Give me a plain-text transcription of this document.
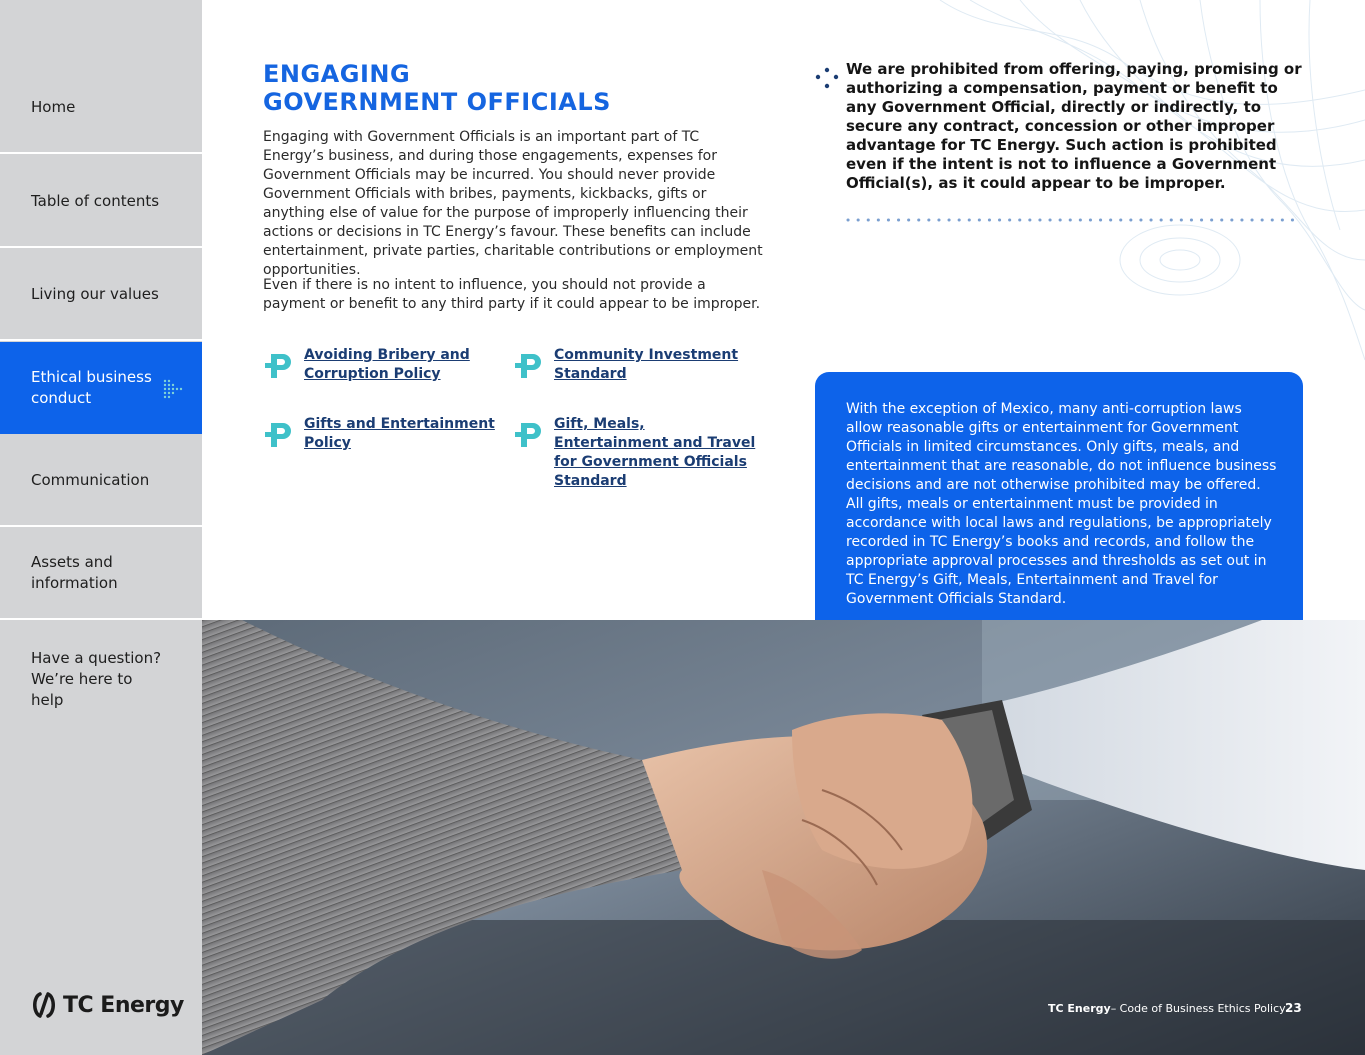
Home
Table of contents
Living our values
Ethical business conduct
Communication
Assets and information
Have a question? We’re here to help
TC Energy
ENGAGING
GOVERNMENT OFFICIALS

Engaging with Government Officials is an important part of TC Energy’s business, and during those engagements, expenses for Government Officials may be incurred. You should never provide Government Officials with bribes, payments, kickbacks, gifts or anything else of value for the purpose of improperly influencing their actions or decisions in TC Energy’s favour. These benefits can include entertainment, private parties, charitable contributions or employment opportunities.

Even if there is no intent to influence, you should not provide a payment or benefit to any third party if it could appear to be improper.

Avoiding Bribery and Corruption Policy
Community Investment Standard
Gifts and Entertainment Policy
Gift, Meals, Entertainment and Travel for Government Officials Standard

We are prohibited from offering, paying, promising or authorizing a compensation, payment or benefit to any Government Official, directly or indirectly, to secure any contract, concession or other improper advantage for TC Energy. Such action is prohibited even if the intent is not to influence a Government Official(s), as it could appear to be improper.

With the exception of Mexico, many anti-corruption laws allow reasonable gifts or entertainment for Government Officials in limited circumstances. Only gifts, meals, and entertainment that are reasonable, do not influence business decisions and are not otherwise prohibited may be offered. All gifts, meals or entertainment must be provided in accordance with local laws and regulations, be appropriately recorded in TC Energy’s books and records, and follow the appropriate approval processes and thresholds as set out in TC Energy’s Gift, Meals, Entertainment and Travel for Government Officials Standard.

TC Energy – Code of Business Ethics Policy 23
